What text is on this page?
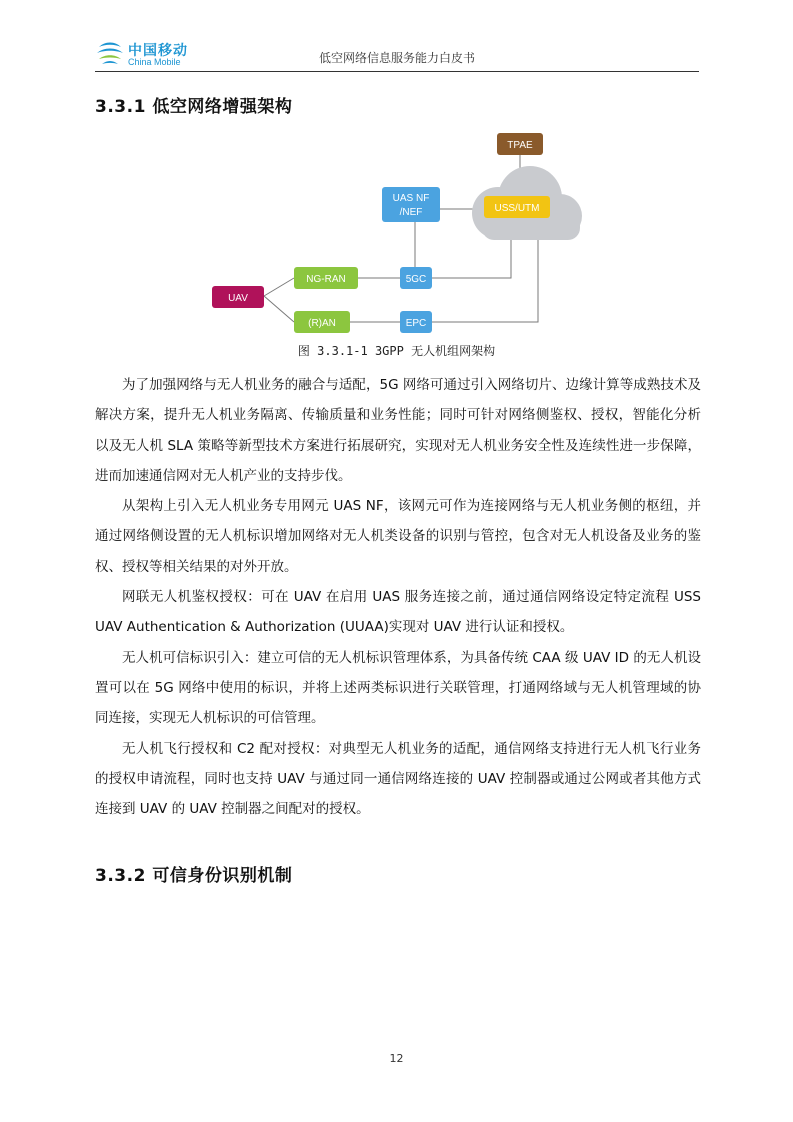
中国移动
China Mobile	低空网络信息服务能力白皮书
3.3.1 低空网络增强架构
TPAE
UAS NF
/NEF	USS/UTM
UAV
NG-RAN
(R)AN
5GC
EPC
图 3.3.1-1 3GPP 无人机组网架构

为了加强网络与无人机业务的融合与适配，5G 网络可通过引入网络切片、边缘计算等成熟技术及解决方案，提升无人机业务隔离、传输质量和业务性能；同时可针对网络侧鉴权、授权，智能化分析以及无人机 SLA 策略等新型技术方案进行拓展研究，实现对无人机业务安全性及连续性进一步保障，进而加速通信网对无人机产业的支持步伐。

从架构上引入无人机业务专用网元 UAS NF，该网元可作为连接网络与无人机业务侧的枢纽，并通过网络侧设置的无人机标识增加网络对无人机类设备的识别与管控，包含对无人机设备及业务的鉴权、授权等相关结果的对外开放。

网联无人机鉴权授权：可在 UAV 在启用 UAS 服务连接之前，通过通信网络设定特定流程 USS UAV Authentication & Authorization (UUAA)实现对 UAV 进行认证和授权。

无人机可信标识引入：建立可信的无人机标识管理体系，为具备传统 CAA 级 UAV ID 的无人机设置可以在 5G 网络中使用的标识，并将上述两类标识进行关联管理，打通网络域与无人机管理域的协同连接，实现无人机标识的可信管理。

无人机飞行授权和 C2 配对授权：对典型无人机业务的适配，通信网络支持进行无人机飞行业务的授权申请流程，同时也支持 UAV 与通过同一通信网络连接的 UAV 控制器或通过公网或者其他方式连接到 UAV 的 UAV 控制器之间配对的授权。

3.3.2 可信身份识别机制
12
